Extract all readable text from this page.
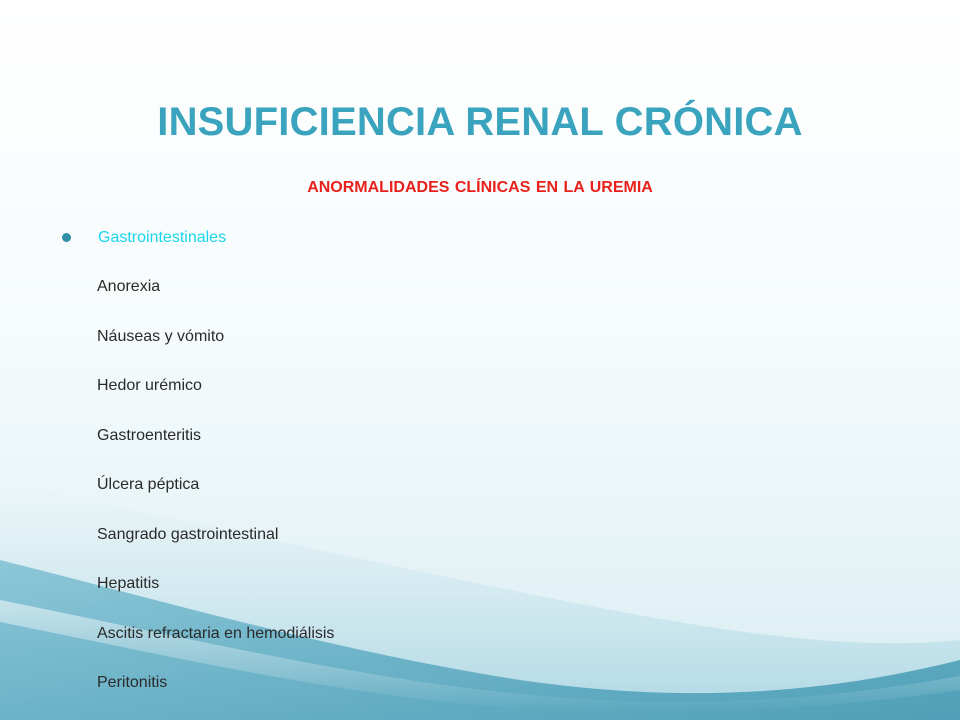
INSUFICIENCIA RENAL CRÓNICA
ANORMALIDADES CLÍNICAS EN LA UREMIA
Gastrointestinales
Anorexia
Náuseas y vómito
Hedor urémico
Gastroenteritis
Úlcera péptica
Sangrado gastrointestinal
Hepatitis
Ascitis refractaria en hemodiálisis
Peritonitis
